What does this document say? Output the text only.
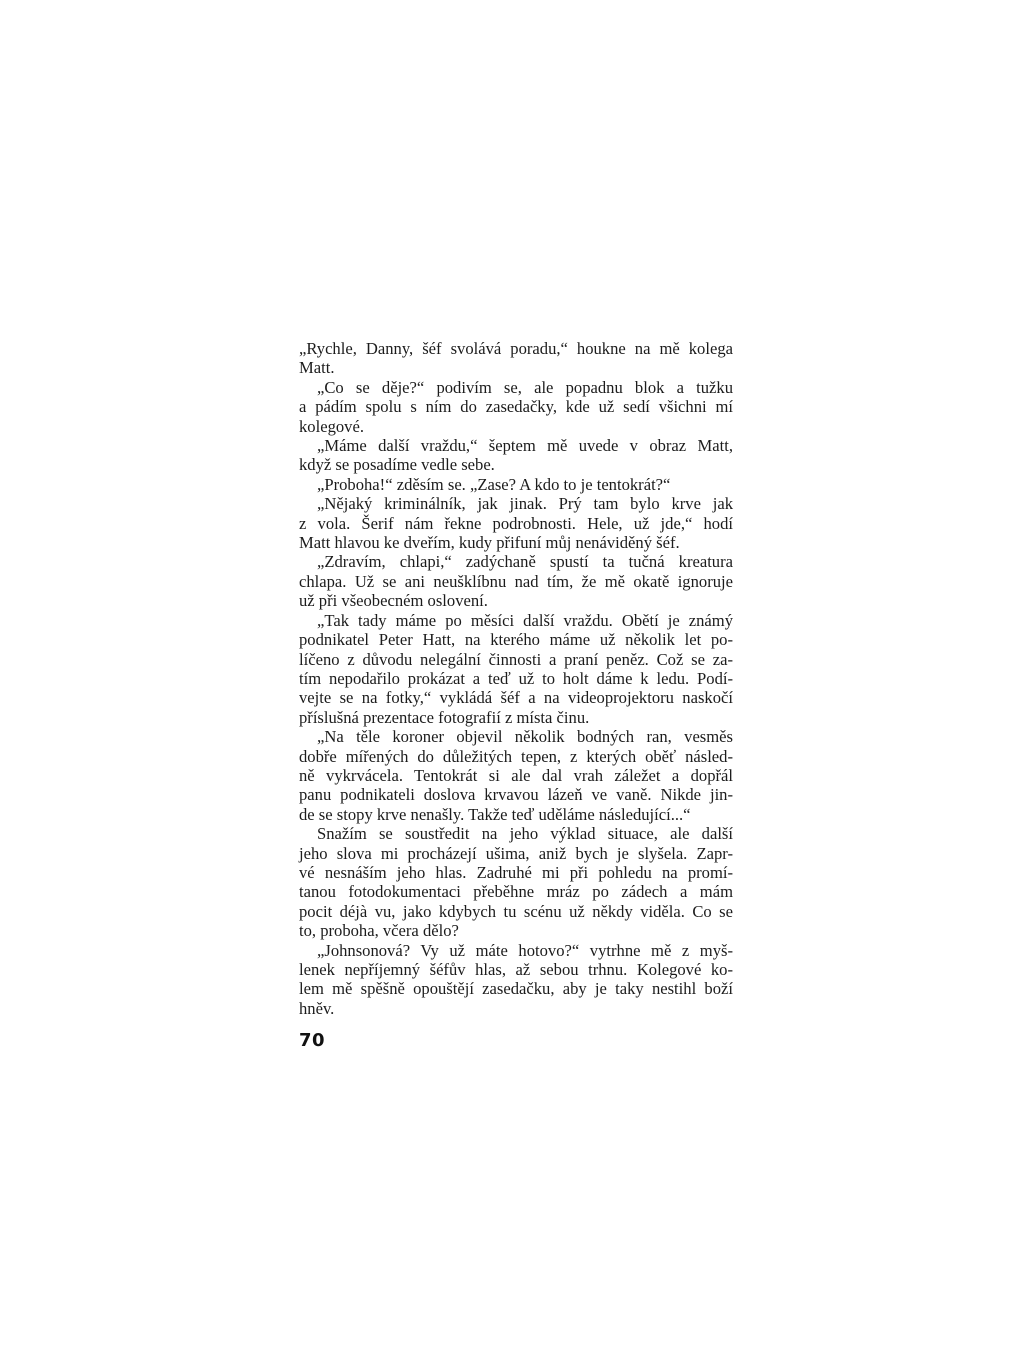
„Rychle, Danny, šéf svolává poradu,“ houkne na mě kolega
Matt.
„Co se děje?“ podivím se, ale popadnu blok a tužku
a pádím spolu s ním do zasedačky, kde už sedí všichni mí
kolegové.
„Máme další vraždu,“ šeptem mě uvede v obraz Matt,
když se posadíme vedle sebe.
„Proboha!“ zděsím se. „Zase? A kdo to je tentokrát?“
„Nějaký kriminálník, jak jinak. Prý tam bylo krve jak
z vola. Šerif nám řekne podrobnosti. Hele, už jde,“ hodí
Matt hlavou ke dveřím, kudy přifuní můj nenáviděný šéf.
„Zdravím, chlapi,“ zadýchaně spustí ta tučná kreatura
chlapa. Už se ani neušklíbnu nad tím, že mě okatě ignoruje
už při všeobecném oslovení.
„Tak tady máme po měsíci další vraždu. Obětí je známý
podnikatel Peter Hatt, na kterého máme už několik let po-
líčeno z důvodu nelegální činnosti a praní peněz. Což se za-
tím nepodařilo prokázat a teď už to holt dáme k ledu. Podí-
vejte se na fotky,“ vykládá šéf a na videoprojektoru naskočí
příslušná prezentace fotografií z místa činu.
„Na těle koroner objevil několik bodných ran, vesměs
dobře mířených do důležitých tepen, z kterých oběť násled-
ně vykrvácela. Tentokrát si ale dal vrah záležet a dopřál
panu podnikateli doslova krvavou lázeň ve vaně. Nikde jin-
de se stopy krve nenašly. Takže teď uděláme následující...“
Snažím se soustředit na jeho výklad situace, ale další
jeho slova mi procházejí ušima, aniž bych je slyšela. Zapr-
vé nesnáším jeho hlas. Zadruhé mi při pohledu na promí-
tanou fotodokumentaci přeběhne mráz po zádech a mám
pocit déjà vu, jako kdybych tu scénu už někdy viděla. Co se
to, proboha, včera dělo?
„Johnsonová? Vy už máte hotovo?“ vytrhne mě z myš-
lenek nepříjemný šéfův hlas, až sebou trhnu. Kolegové ko-
lem mě spěšně opouštějí zasedačku, aby je taky nestihl boží
hněv.
70
